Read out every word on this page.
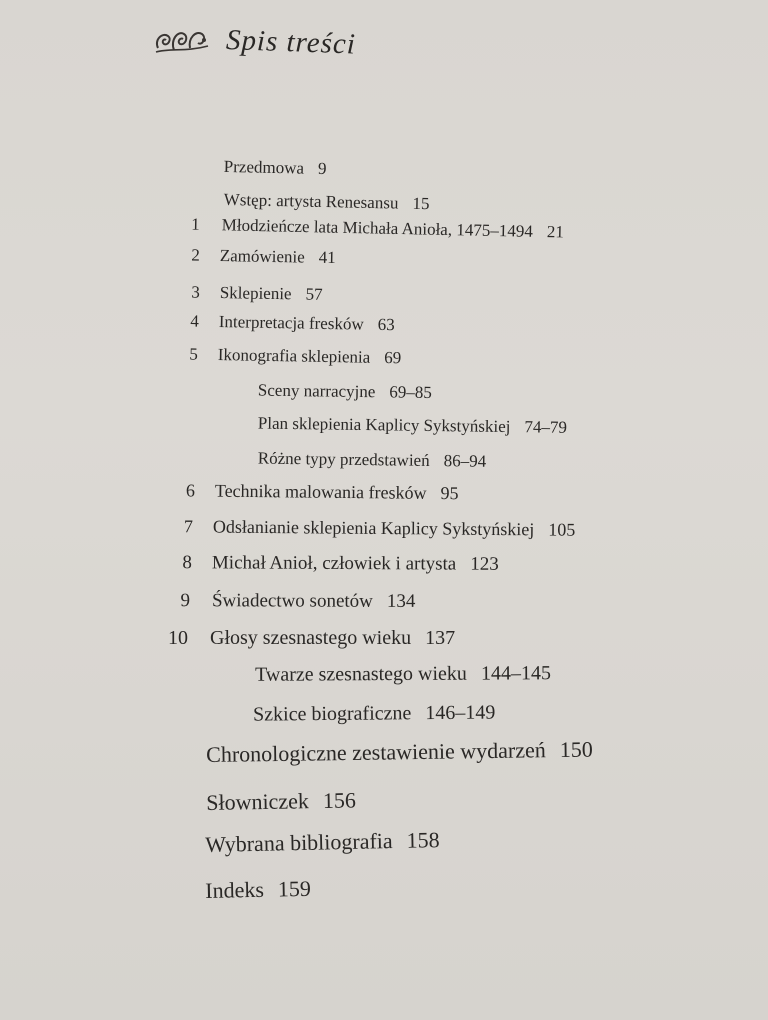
Spis treści
Przedmowa 9
Wstęp: artysta Renesansu 15
1 Młodzieńcze lata Michała Anioła, 1475–1494 21
2 Zamówienie 41
3 Sklepienie 57
4 Interpretacja fresków 63
5 Ikonografia sklepienia 69
Sceny narracyjne 69–85
Plan sklepienia Kaplicy Sykstyńskiej 74–79
Różne typy przedstawień 86–94
6 Technika malowania fresków 95
7 Odsłanianie sklepienia Kaplicy Sykstyńskiej 105
8 Michał Anioł, człowiek i artysta 123
9 Świadectwo sonetów 134
10 Głosy szesnastego wieku 137
Twarze szesnastego wieku 144–145
Szkice biograficzne 146–149
Chronologiczne zestawienie wydarzeń 150
Słowniczek 156
Wybrana bibliografia 158
Indeks 159
